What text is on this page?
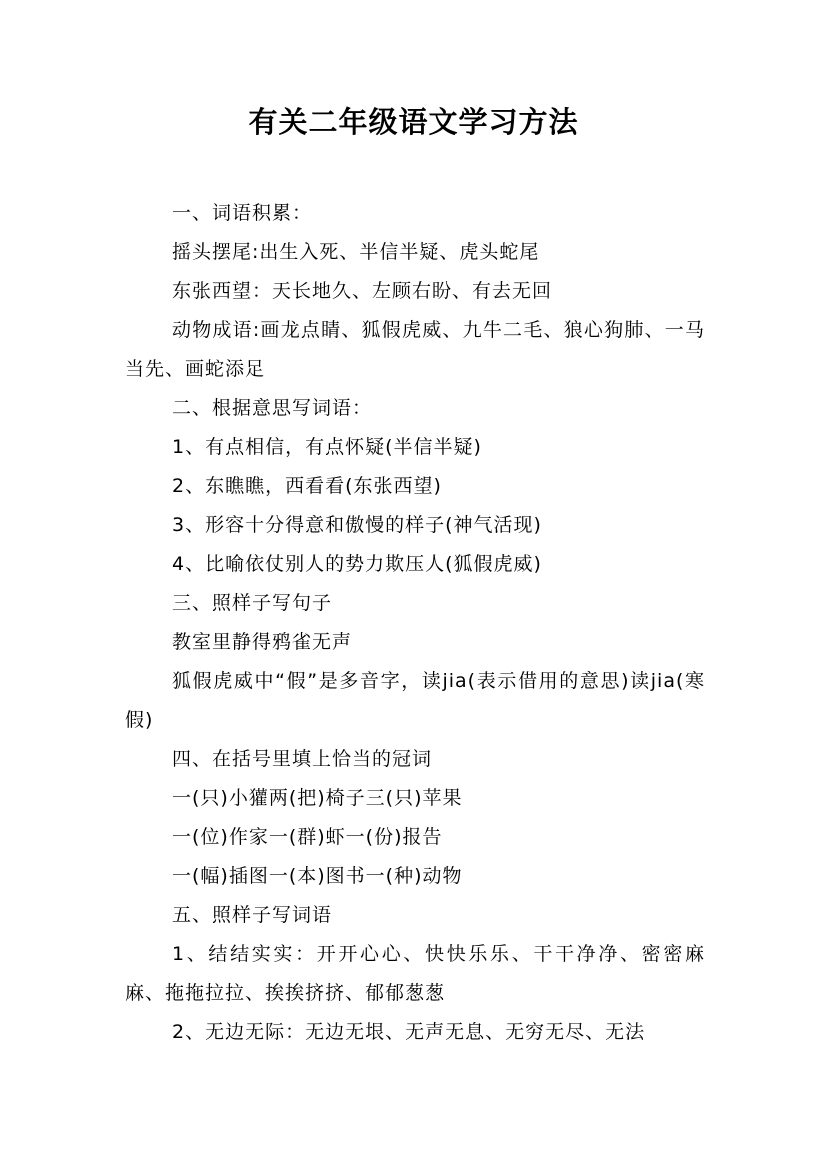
有关二年级语文学习方法

一、词语积累：

摇头摆尾:出生入死、半信半疑、虎头蛇尾

东张西望：天长地久、左顾右盼、有去无回

动物成语:画龙点睛、狐假虎威、九牛二毛、狼心狗肺、一马当先、画蛇添足

二、根据意思写词语：

1、有点相信，有点怀疑(半信半疑)

2、东瞧瞧，西看看(东张西望)

3、形容十分得意和傲慢的样子(神气活现)

4、比喻依仗别人的势力欺压人(狐假虎威)

三、照样子写句子

教室里静得鸦雀无声

狐假虎威中“假”是多音字，读jia(表示借用的意思)读jia(寒假)

四、在括号里填上恰当的冠词

一(只)小獾两(把)椅子三(只)苹果

一(位)作家一(群)虾一(份)报告

一(幅)插图一(本)图书一(种)动物

五、照样子写词语

1、结结实实：开开心心、快快乐乐、干干净净、密密麻麻、拖拖拉拉、挨挨挤挤、郁郁葱葱

2、无边无际：无边无垠、无声无息、无穷无尽、无法
